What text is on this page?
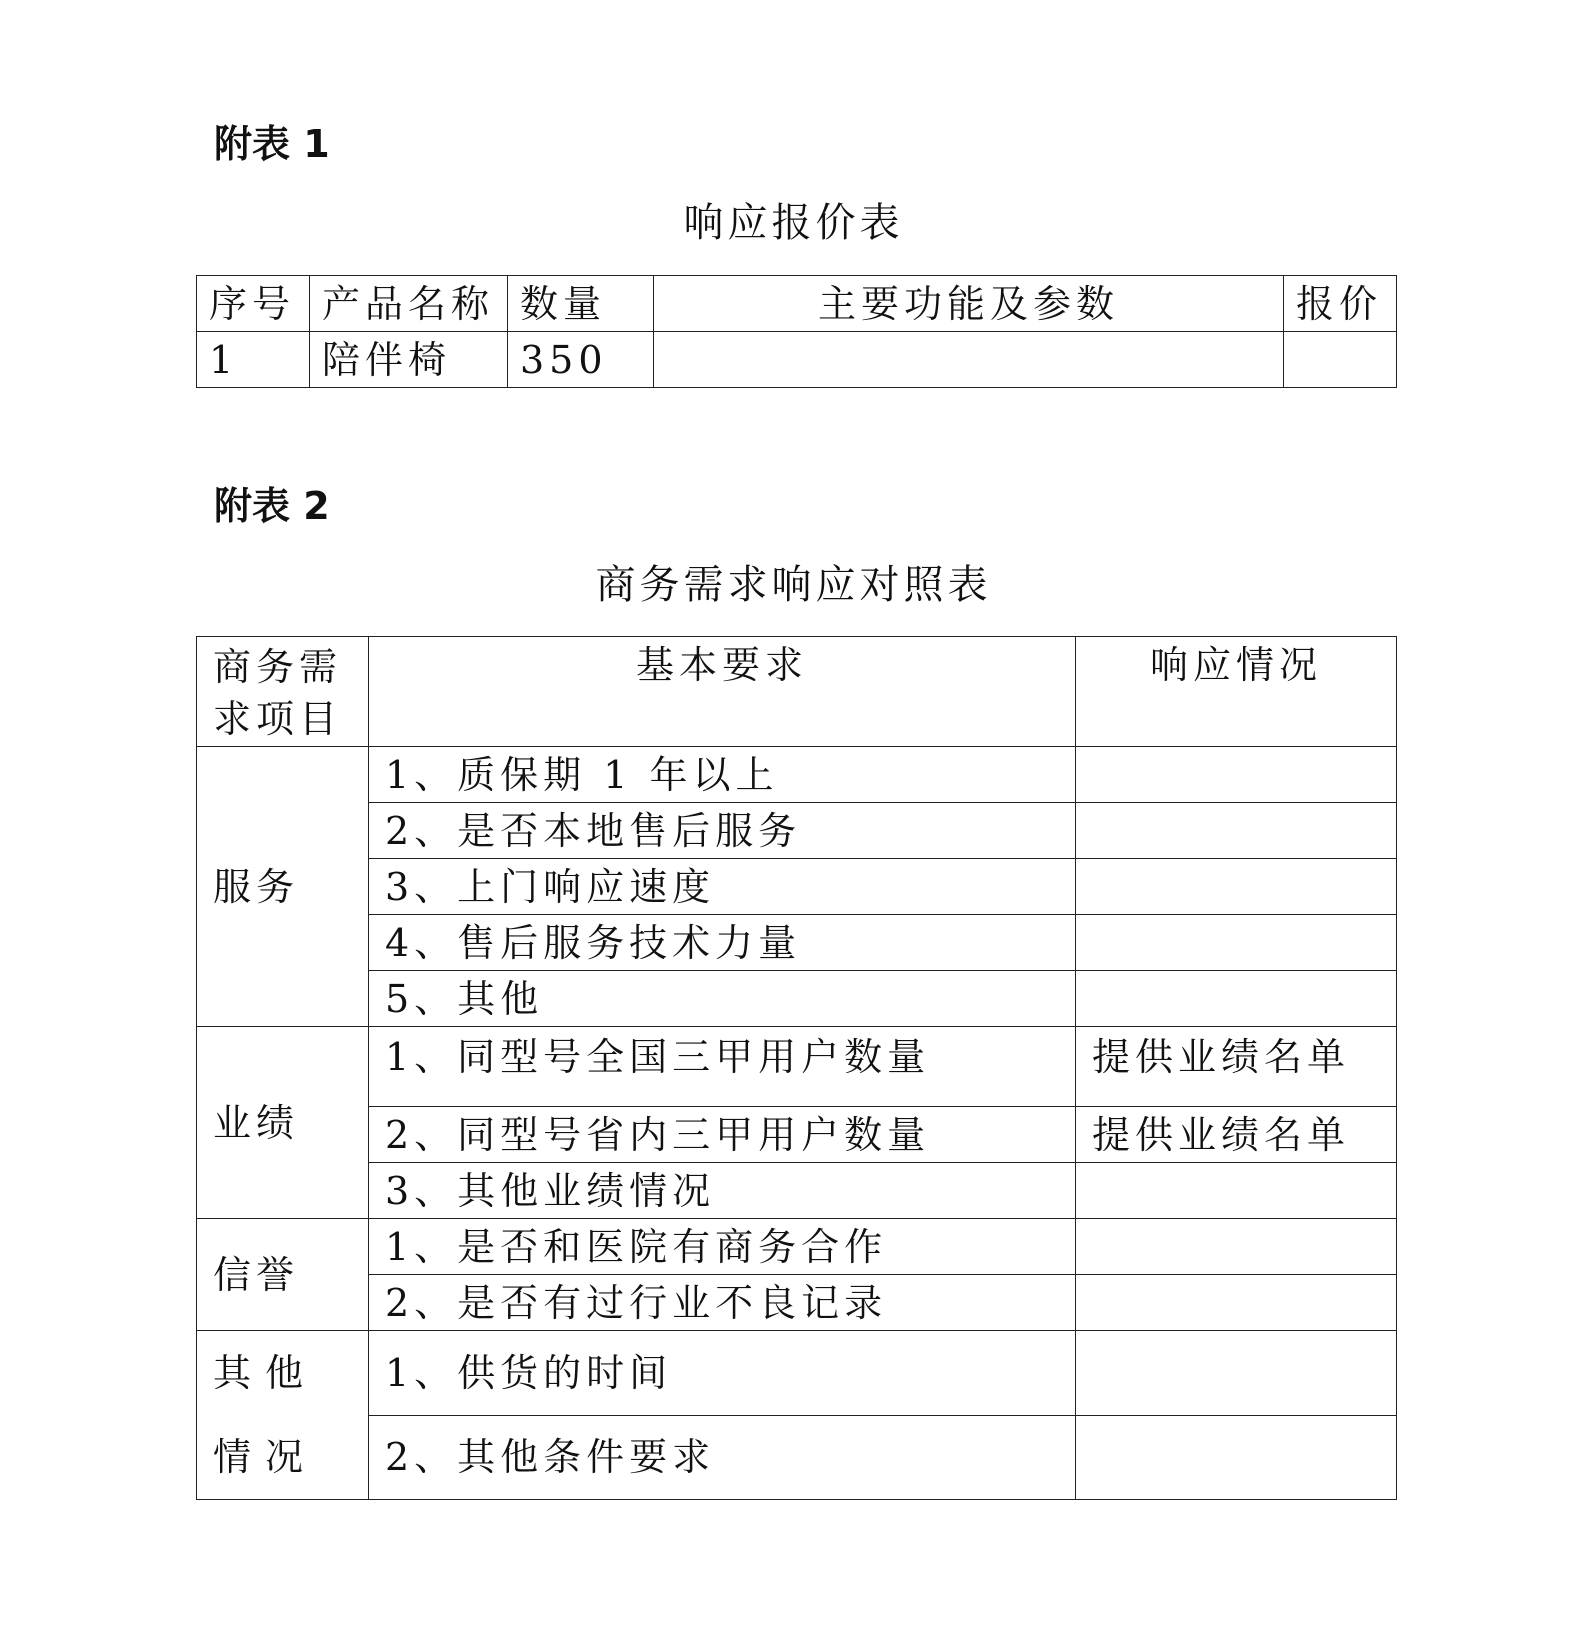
附表 1
响应报价表
序号	产品名称	数量	主要功能及参数	报价
1	陪伴椅	350		
附表 2
商务需求响应对照表
商务需求项目	基本要求	响应情况
服务	1、质保期 1 年以上	
	2、是否本地售后服务	
	3、上门响应速度	
	4、售后服务技术力量	
	5、其他	
业绩	1、同型号全国三甲用户数量	提供业绩名单
	2、同型号省内三甲用户数量	提供业绩名单
	3、其他业绩情况	
信誉	1、是否和医院有商务合作	
	2、是否有过行业不良记录	
其他情况	1、供货的时间	
	2、其他条件要求	
